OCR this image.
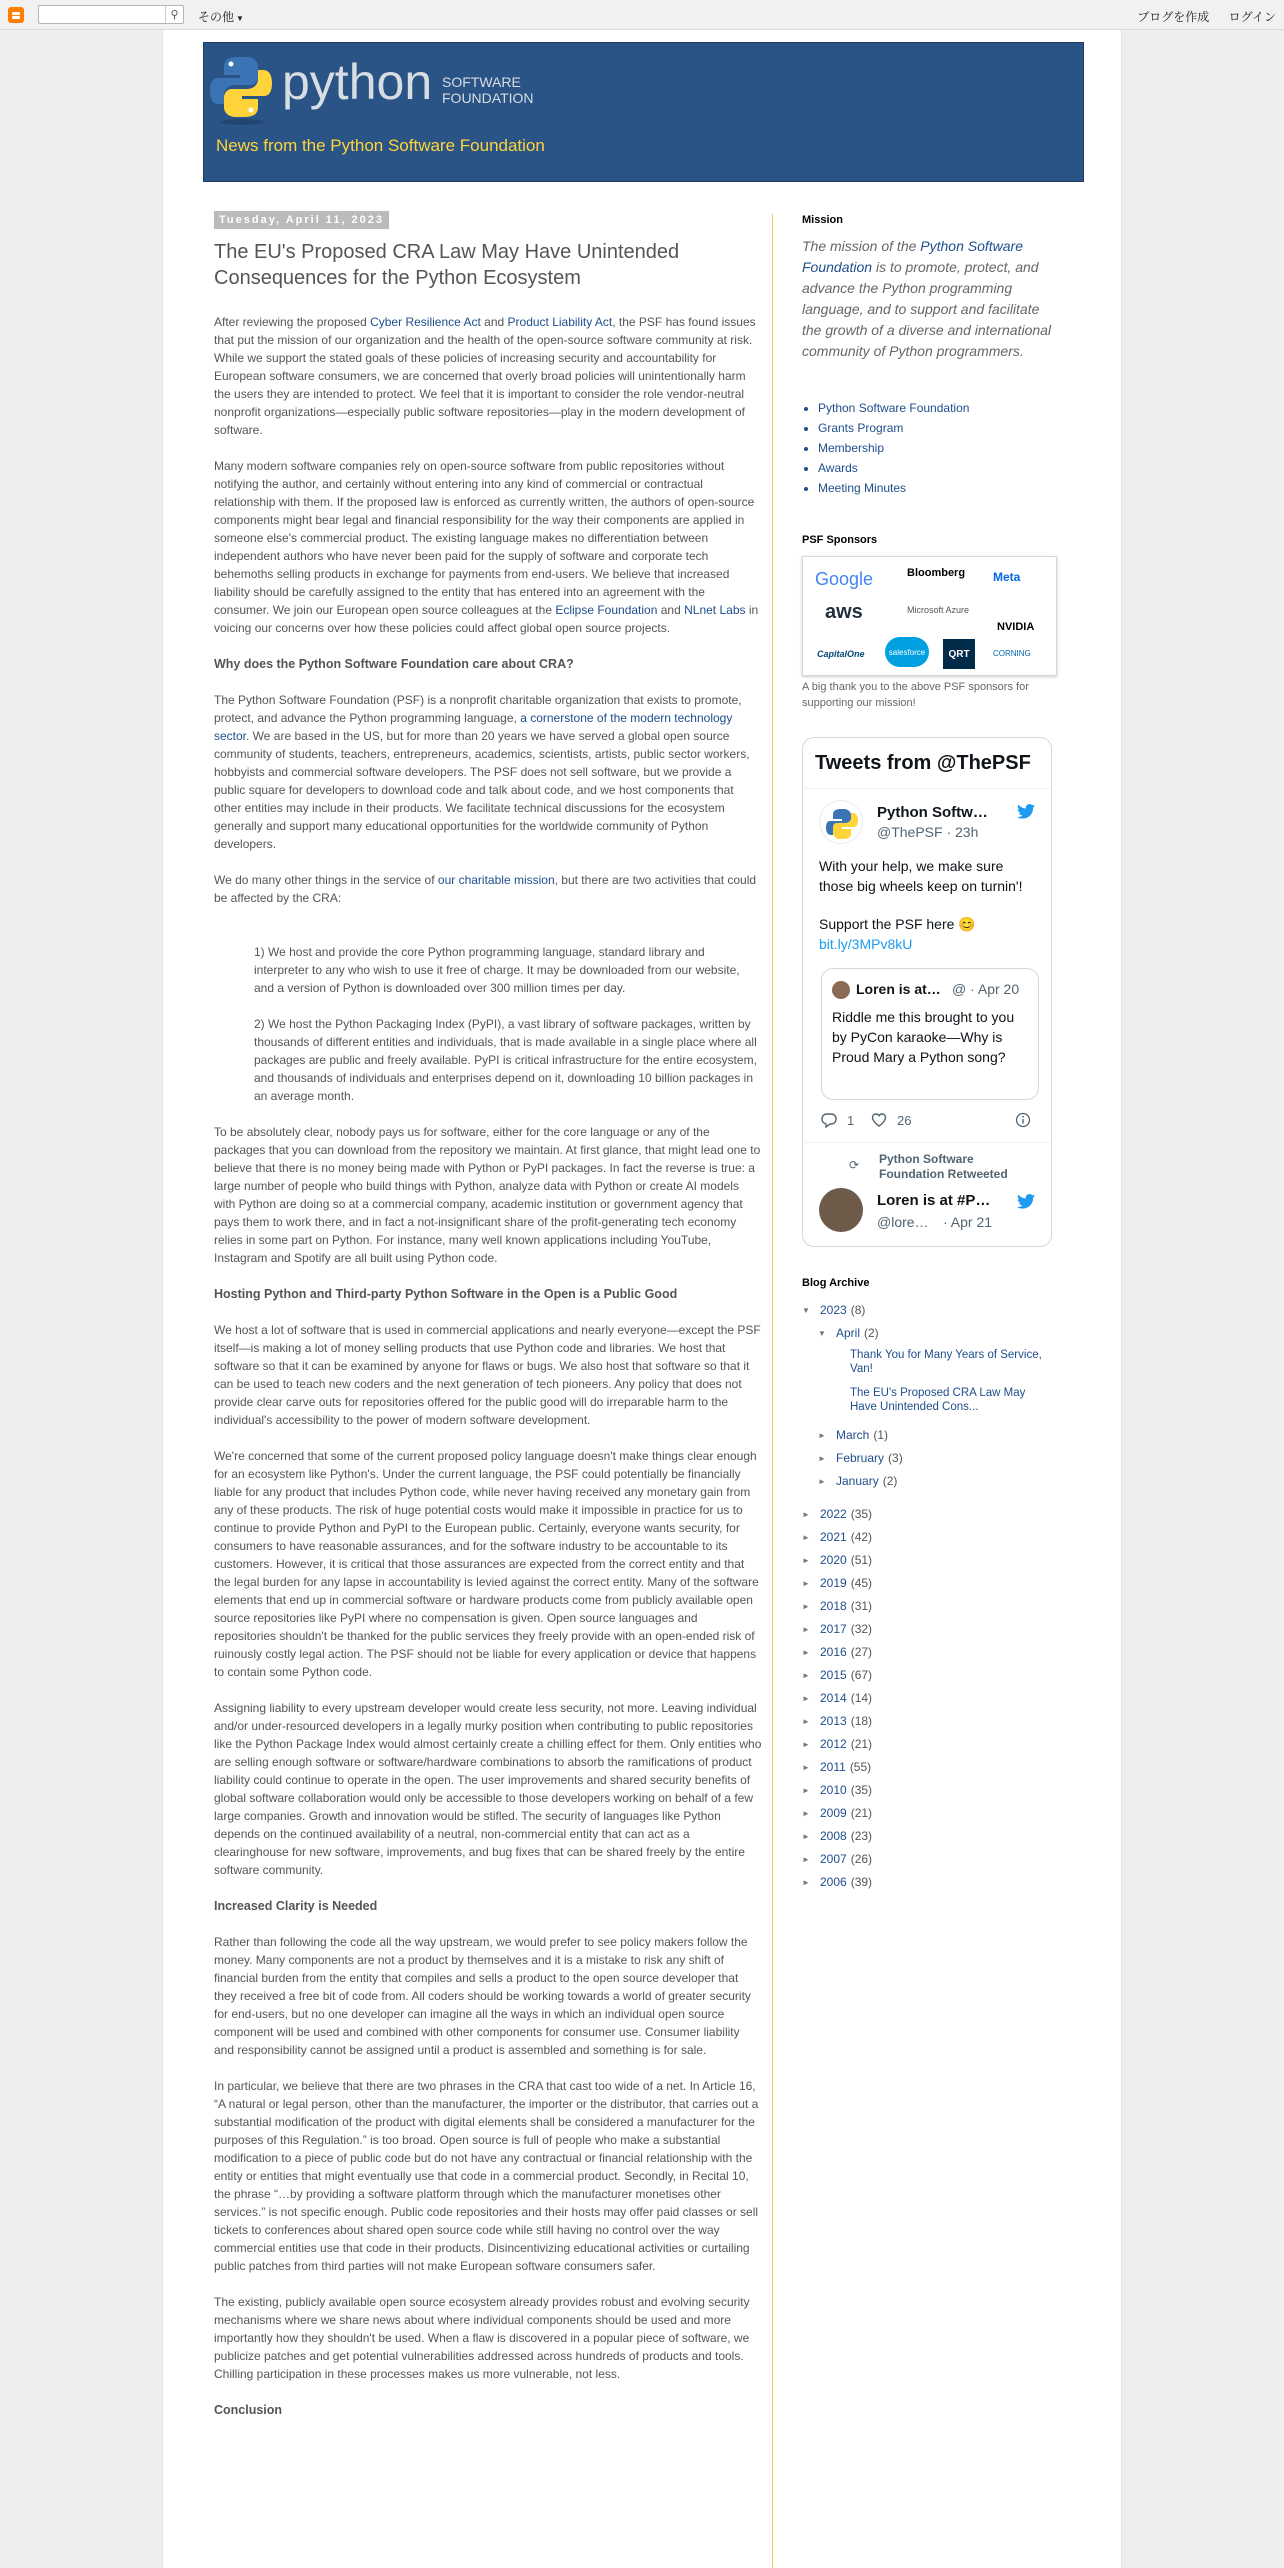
⚲	その他 ▼	ブログを作成 ログイン
python SOFTWARE
FOUNDATION
News from the Python Software Foundation
Tuesday, April 11, 2023
The EU's Proposed CRA Law May Have Unintended Consequences for the Python Ecosystem

After reviewing the proposed Cyber Resilience Act and Product Liability Act, the PSF has found issues that put the mission of our organization and the health of the open-source software community at risk. While we support the stated goals of these policies of increasing security and accountability for European software consumers, we are concerned that overly broad policies will unintentionally harm the users they are intended to protect. We feel that it is important to consider the role vendor-neutral nonprofit organizations—especially public software repositories—play in the modern development of software.

Many modern software companies rely on open-source software from public repositories without notifying the author, and certainly without entering into any kind of commercial or contractual relationship with them. If the proposed law is enforced as currently written, the authors of open-source components might bear legal and financial responsibility for the way their components are applied in someone else's commercial product. The existing language makes no differentiation between independent authors who have never been paid for the supply of software and corporate tech behemoths selling products in exchange for payments from end-users. We believe that increased liability should be carefully assigned to the entity that has entered into an agreement with the consumer. We join our European open source colleagues at the Eclipse Foundation and NLnet Labs in voicing our concerns over how these policies could affect global open source projects.

Why does the Python Software Foundation care about CRA?

The Python Software Foundation (PSF) is a nonprofit charitable organization that exists to promote, protect, and advance the Python programming language, a cornerstone of the modern technology sector. We are based in the US, but for more than 20 years we have served a global open source community of students, teachers, entrepreneurs, academics, scientists, artists, public sector workers, hobbyists and commercial software developers. The PSF does not sell software, but we provide a public square for developers to download code and talk about code, and we host components that other entities may include in their products. We facilitate technical discussions for the ecosystem generally and support many educational opportunities for the worldwide community of Python developers.

We do many other things in the service of our charitable mission, but there are two activities that could be affected by the CRA:

1) We host and provide the core Python programming language, standard library and interpreter to any who wish to use it free of charge. It may be downloaded from our website, and a version of Python is downloaded over 300 million times per day.

2) We host the Python Packaging Index (PyPI), a vast library of software packages, written by thousands of different entities and individuals, that is made available in a single place where all packages are public and freely available. PyPI is critical infrastructure for the entire ecosystem, and thousands of individuals and enterprises depend on it, downloading 10 billion packages in an average month.

To be absolutely clear, nobody pays us for software, either for the core language or any of the packages that you can download from the repository we maintain. At first glance, that might lead one to believe that there is no money being made with Python or PyPI packages. In fact the reverse is true: a large number of people who build things with Python, analyze data with Python or create AI models with Python are doing so at a commercial company, academic institution or government agency that pays them to work there, and in fact a not-insignificant share of the profit-generating tech economy relies in some part on Python. For instance, many well known applications including YouTube, Instagram and Spotify are all built using Python code.

Hosting Python and Third-party Python Software in the Open is a Public Good

We host a lot of software that is used in commercial applications and nearly everyone—except the PSF itself—is making a lot of money selling products that use Python code and libraries. We host that software so that it can be examined by anyone for flaws or bugs. We also host that software so that it can be used to teach new coders and the next generation of tech pioneers. Any policy that does not provide clear carve outs for repositories offered for the public good will do irreparable harm to the individual's accessibility to the power of modern software development.

We're concerned that some of the current proposed policy language doesn't make things clear enough for an ecosystem like Python's. Under the current language, the PSF could potentially be financially liable for any product that includes Python code, while never having received any monetary gain from any of these products. The risk of huge potential costs would make it impossible in practice for us to continue to provide Python and PyPI to the European public. Certainly, everyone wants security, for consumers to have reasonable assurances, and for the software industry to be accountable to its customers. However, it is critical that those assurances are expected from the correct entity and that the legal burden for any lapse in accountability is levied against the correct entity. Many of the software elements that end up in commercial software or hardware products come from publicly available open source repositories like PyPI where no compensation is given. Open source languages and repositories shouldn't be thanked for the public services they freely provide with an open-ended risk of ruinously costly legal action. The PSF should not be liable for every application or device that happens to contain some Python code.

Assigning liability to every upstream developer would create less security, not more. Leaving individual and/or under-resourced developers in a legally murky position when contributing to public repositories like the Python Package Index would almost certainly create a chilling effect for them. Only entities who are selling enough software or software/hardware combinations to absorb the ramifications of product liability could continue to operate in the open. The user improvements and shared security benefits of global software collaboration would only be accessible to those developers working on behalf of a few large companies. Growth and innovation would be stifled. The security of languages like Python depends on the continued availability of a neutral, non-commercial entity that can act as a clearinghouse for new software, improvements, and bug fixes that can be shared freely by the entire software community.

Increased Clarity is Needed

Rather than following the code all the way upstream, we would prefer to see policy makers follow the money. Many components are not a product by themselves and it is a mistake to risk any shift of financial burden from the entity that compiles and sells a product to the open source developer that they received a free bit of code from. All coders should be working towards a world of greater security for end-users, but no one developer can imagine all the ways in which an individual open source component will be used and combined with other components for consumer use. Consumer liability and responsibility cannot be assigned until a product is assembled and something is for sale.

In particular, we believe that there are two phrases in the CRA that cast too wide of a net. In Article 16, “A natural or legal person, other than the manufacturer, the importer or the distributor, that carries out a substantial modification of the product with digital elements shall be considered a manufacturer for the purposes of this Regulation.” is too broad. Open source is full of people who make a substantial modification to a piece of public code but do not have any contractual or financial relationship with the entity or entities that might eventually use that code in a commercial product. Secondly, in Recital 10, the phrase “…by providing a software platform through which the manufacturer monetises other services.” is not specific enough. Public code repositories and their hosts may offer paid classes or sell tickets to conferences about shared open source code while still having no control over the way commercial entities use that code in their products. Disincentivizing educational activities or curtailing public patches from third parties will not make European software consumers safer.

The existing, publicly available open source ecosystem already provides robust and evolving security mechanisms where we share news about where individual components should be used and more importantly how they shouldn't be used. When a flaw is discovered in a popular piece of software, we publicize patches and get potential vulnerabilities addressed across hundreds of products and tools. Chilling participation in these processes makes us more vulnerable, not less.

Conclusion
Mission
The mission of the Python Software Foundation is to promote, protect, and advance the Python programming language, and to support and facilitate the growth of a diverse and international community of Python programmers.
• Python Software Foundation
• Grants Program
• Membership
• Awards
• Meeting Minutes
PSF Sponsors
Google	Bloomberg Meta
aws	Microsoft Azure
NVIDIA
CapitalOne	salesforce	QRT	CORNING
A big thank you to the above PSF sponsors for supporting our mission!
Tweets from @ThePSF
Python Softw…
@ThePSF · 23h
With your help, we make sure those big wheels keep on turnin'!
Support the PSF here 😊
bit.ly/3MPv8kU
Loren is at… @ · Apr 20
Riddle me this brought to you by PyCon karaoke—Why is Proud Mary a Python song?
1	26
⟳ Python Software Foundation Retweeted
Loren is at #P…
@lore… · Apr 21
Blog Archive
▼ 2023 (8)
▼ April (2)
Thank You for Many Years of Service, Van!
The EU's Proposed CRA Law May Have Unintended Cons...
► March (1)
► February (3)
► January (2)
► 2022 (35)
► 2021 (42)
► 2020 (51)
► 2019 (45)
► 2018 (31)
► 2017 (32)
► 2016 (27)
► 2015 (67)
► 2014 (14)
► 2013 (18)
► 2012 (21)
► 2011 (55)
► 2010 (35)
► 2009 (21)
► 2008 (23)
► 2007 (26)
► 2006 (39)
